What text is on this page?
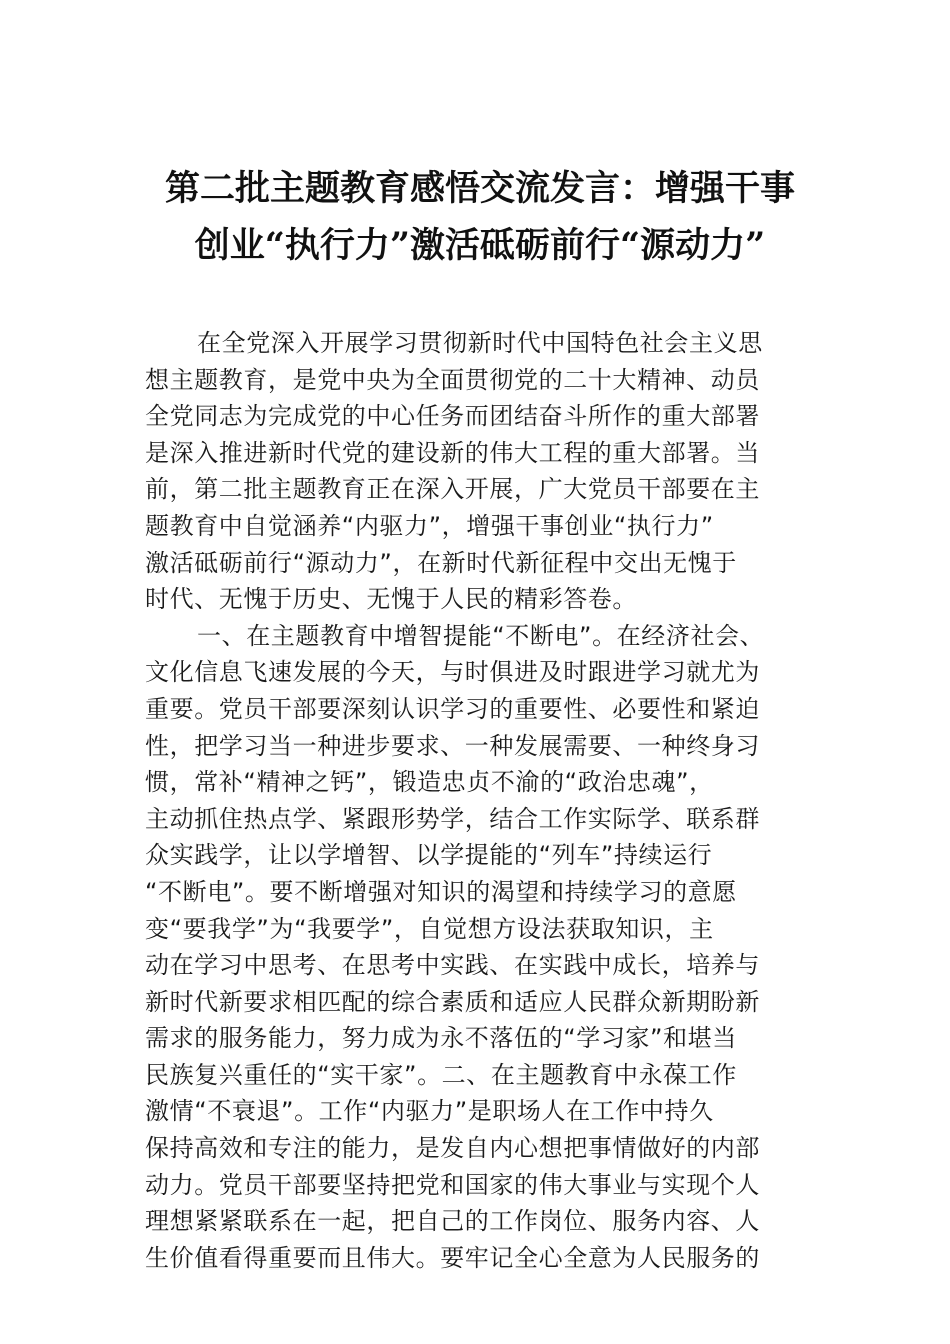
第二批主题教育感悟交流发言：增强干事
创业“执行力”激活砥砺前行“源动力”
在全党深入开展学习贯彻新时代中国特色社会主义思
想主题教育，是党中央为全面贯彻党的二十大精神、动员
全党同志为完成党的中心任务而团结奋斗所作的重大部署
是深入推进新时代党的建设新的伟大工程的重大部署。当
前，第二批主题教育正在深入开展，广大党员干部要在主
题教育中自觉涵养“内驱力”，增强干事创业“执行力”
激活砥砺前行“源动力”，在新时代新征程中交出无愧于
时代、无愧于历史、无愧于人民的精彩答卷。
一、在主题教育中增智提能“不断电”。在经济社会、
文化信息飞速发展的今天，与时俱进及时跟进学习就尤为
重要。党员干部要深刻认识学习的重要性、必要性和紧迫
性，把学习当一种进步要求、一种发展需要、一种终身习
惯，常补“精神之钙”，锻造忠贞不渝的“政治忠魂”，
主动抓住热点学、紧跟形势学，结合工作实际学、联系群
众实践学，让以学增智、以学提能的“列车”持续运行
“不断电”。要不断增强对知识的渴望和持续学习的意愿
变“要我学”为“我要学”，自觉想方设法获取知识，主
动在学习中思考、在思考中实践、在实践中成长，培养与
新时代新要求相匹配的综合素质和适应人民群众新期盼新
需求的服务能力，努力成为永不落伍的“学习家”和堪当
民族复兴重任的“实干家”。二、在主题教育中永葆工作
激情“不衰退”。工作“内驱力”是职场人在工作中持久
保持高效和专注的能力，是发自内心想把事情做好的内部
动力。党员干部要坚持把党和国家的伟大事业与实现个人
理想紧紧联系在一起，把自己的工作岗位、服务内容、人
生价值看得重要而且伟大。要牢记全心全意为人民服务的
